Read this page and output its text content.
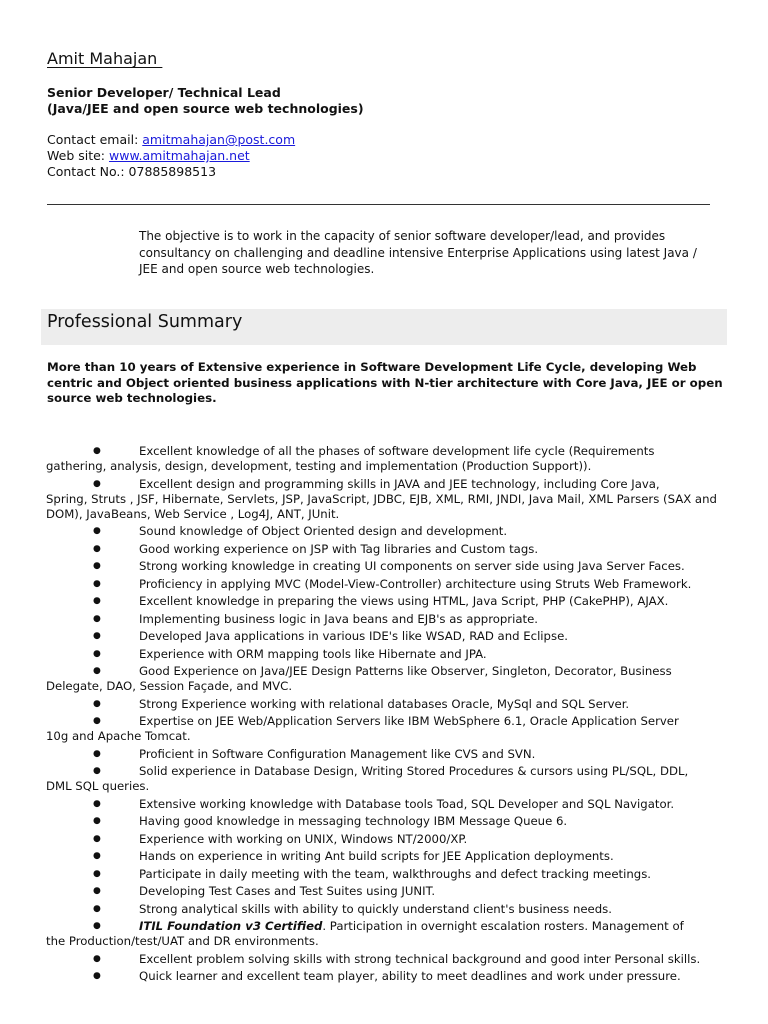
Amit Mahajan
Senior Developer/ Technical Lead
(Java/JEE and open source web technologies)
Contact email: amitmahajan@post.com
Web site: www.amitmahajan.net
Contact No.: 07885898513
The objective is to work in the capacity of senior software developer/lead, and provides consultancy on challenging and deadline intensive Enterprise Applications using latest Java / JEE and open source web technologies.
Professional Summary
More than 10 years of Extensive experience in Software Development Life Cycle, developing Web centric and Object oriented business applications with N-tier architecture with Core Java, JEE or open source web technologies.
●	Excellent knowledge of all the phases of software development life cycle (Requirements
gathering, analysis, design, development, testing and implementation (Production Support)).
●	Excellent design and programming skills in JAVA and JEE technology, including Core Java,
Spring, Struts , JSF, Hibernate, Servlets, JSP, JavaScript, JDBC, EJB, XML, RMI, JNDI, Java Mail, XML Parsers (SAX and DOM), JavaBeans, Web Service , Log4J, ANT, JUnit.
●	Sound knowledge of Object Oriented design and development.
●	Good working experience on JSP with Tag libraries and Custom tags.
●	Strong working knowledge in creating UI components on server side using Java Server Faces.
●	Proficiency in applying MVC (Model-View-Controller) architecture using Struts Web Framework.
●	Excellent knowledge in preparing the views using HTML, Java Script, PHP (CakePHP), AJAX.
●	Implementing business logic in Java beans and EJB's as appropriate.
●	Developed Java applications in various IDE's like WSAD, RAD and Eclipse.
●	Experience with ORM mapping tools like Hibernate and JPA.
●	Good Experience on Java/JEE Design Patterns like Observer, Singleton, Decorator, Business
Delegate, DAO, Session Façade, and MVC.
●	Strong Experience working with relational databases Oracle, MySql and SQL Server.
●	Expertise on JEE Web/Application Servers like IBM WebSphere 6.1, Oracle Application Server
10g and Apache Tomcat.
●	Proficient in Software Configuration Management like CVS and SVN.
●	Solid experience in Database Design, Writing Stored Procedures & cursors using PL/SQL, DDL,
DML SQL queries.
●	Extensive working knowledge with Database tools Toad, SQL Developer and SQL Navigator.
●	Having good knowledge in messaging technology IBM Message Queue 6.
●	Experience with working on UNIX, Windows NT/2000/XP.
●	Hands on experience in writing Ant build scripts for JEE Application deployments.
●	Participate in daily meeting with the team, walkthroughs and defect tracking meetings.
●	Developing Test Cases and Test Suites using JUNIT.
●	Strong analytical skills with ability to quickly understand client's business needs.
●	ITIL Foundation v3 Certified. Participation in overnight escalation rosters. Management of
the Production/test/UAT and DR environments.
●	Excellent problem solving skills with strong technical background and good inter Personal skills.
●	Quick learner and excellent team player, ability to meet deadlines and work under pressure.
